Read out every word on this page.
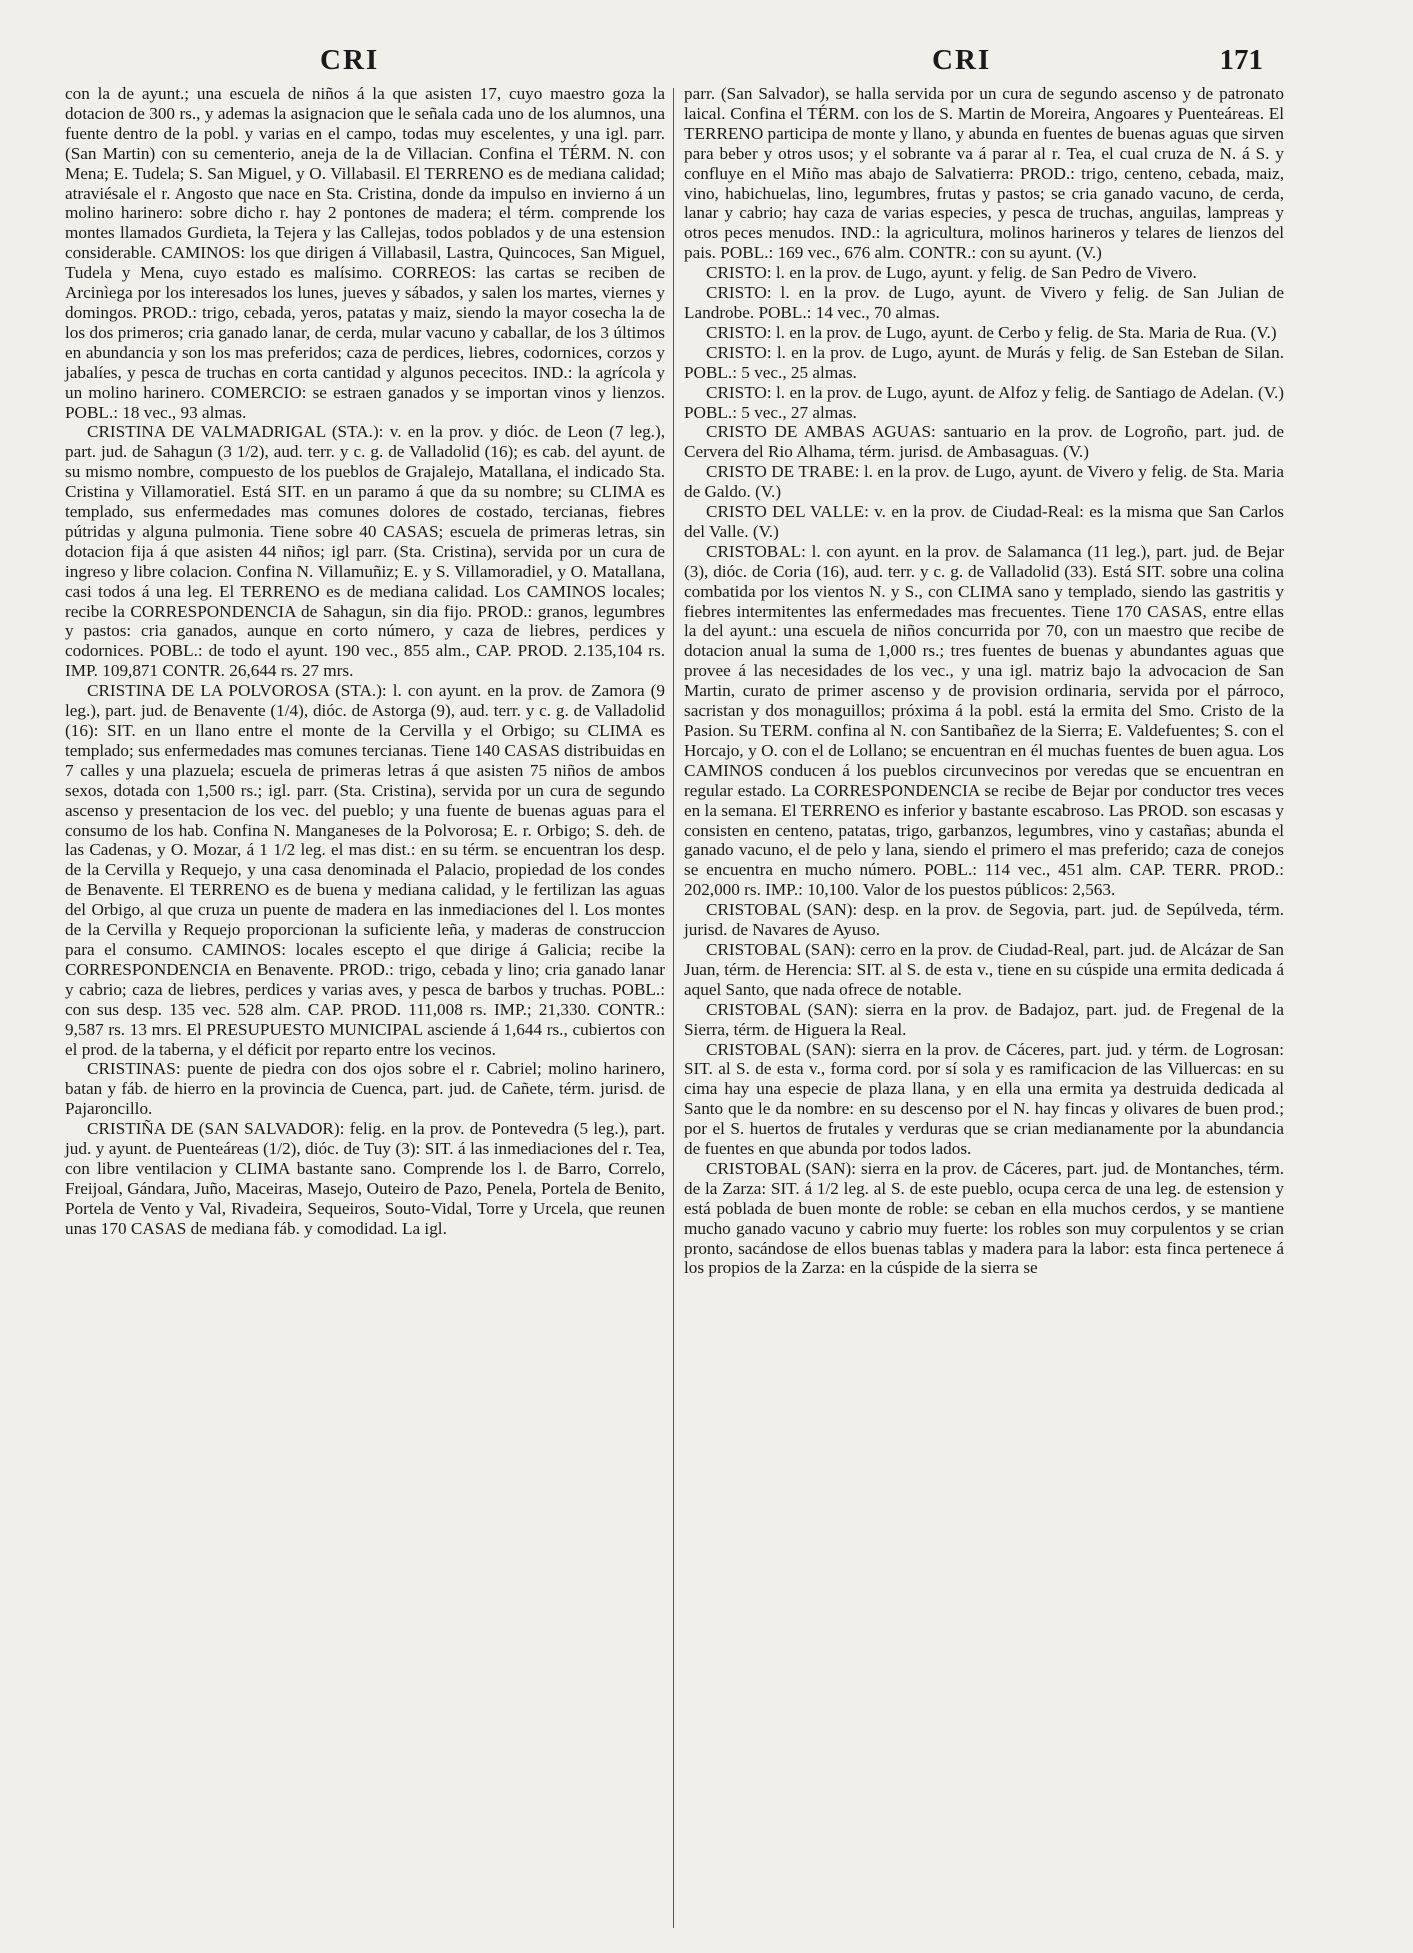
CRI	CRI	171

con la de ayunt.; una escuela de niños á la que asisten 17, cuyo maestro goza la dotacion de 300 rs., y ademas la asignacion que le señala cada uno de los alumnos, una fuente dentro de la pobl. y varias en el campo, todas muy escelentes, y una igl. parr. (San Martin) con su cementerio, aneja de la de Villacian. Confina el TÉRM. N. con Mena; E. Tudela; S. San Miguel, y O. Villabasil. El TERRENO es de mediana calidad; atraviésale el r. Angosto que nace en Sta. Cristina, donde da impulso en invierno á un molino harinero: sobre dicho r. hay 2 pontones de madera; el térm. comprende los montes llamados Gurdieta, la Tejera y las Callejas, todos poblados y de una estension considerable. CAMINOS: los que dirigen á Villabasil, Lastra, Quincoces, San Miguel, Tudela y Mena, cuyo estado es malísimo. CORREOS: las cartas se reciben de Arcinìega por los interesados los lunes, jueves y sábados, y salen los martes, viernes y domingos. PROD.: trigo, cebada, yeros, patatas y maiz, siendo la mayor cosecha la de los dos primeros; cria ganado lanar, de cerda, mular vacuno y caballar, de los 3 últimos en abundancia y son los mas preferidos; caza de perdices, liebres, codornices, corzos y jabalíes, y pesca de truchas en corta cantidad y algunos pececitos. IND.: la agrícola y un molino harinero. COMERCIO: se estraen ganados y se importan vinos y lienzos. POBL.: 18 vec., 93 almas.

CRISTINA DE VALMADRIGAL (STA.): v. en la prov. y dióc. de Leon (7 leg.), part. jud. de Sahagun (3 1/2), aud. terr. y c. g. de Valladolid (16); es cab. del ayunt. de su mismo nombre, compuesto de los pueblos de Grajalejo, Matallana, el indicado Sta. Cristina y Villamoratiel. Está SIT. en un paramo á que da su nombre; su CLIMA es templado, sus enfermedades mas comunes dolores de costado, tercianas, fiebres pútridas y alguna pulmonia. Tiene sobre 40 CASAS; escuela de primeras letras, sin dotacion fija á que asisten 44 niños; igl parr. (Sta. Cristina), servida por un cura de ingreso y libre colacion. Confina N. Villamuñiz; E. y S. Villamoradiel, y O. Matallana, casi todos á una leg. El TERRENO es de mediana calidad. Los CAMINOS locales; recibe la CORRESPONDENCIA de Sahagun, sin dia fijo. PROD.: granos, legumbres y pastos: cria ganados, aunque en corto número, y caza de liebres, perdices y codornices. POBL.: de todo el ayunt. 190 vec., 855 alm., CAP. PROD. 2.135,104 rs. IMP. 109,871 CONTR. 26,644 rs. 27 mrs.

CRISTINA DE LA POLVOROSA (STA.): l. con ayunt. en la prov. de Zamora (9 leg.), part. jud. de Benavente (1/4), dióc. de Astorga (9), aud. terr. y c. g. de Valladolid (16): SIT. en un llano entre el monte de la Cervilla y el Orbigo; su CLIMA es templado; sus enfermedades mas comunes tercianas. Tiene 140 CASAS distribuidas en 7 calles y una plazuela; escuela de primeras letras á que asisten 75 niños de ambos sexos, dotada con 1,500 rs.; igl. parr. (Sta. Cristina), servida por un cura de segundo ascenso y presentacion de los vec. del pueblo; y una fuente de buenas aguas para el consumo de los hab. Confina N. Manganeses de la Polvorosa; E. r. Orbigo; S. deh. de las Cadenas, y O. Mozar, á 1 1/2 leg. el mas dist.: en su térm. se encuentran los desp. de la Cervilla y Requejo, y una casa denominada el Palacio, propiedad de los condes de Benavente. El TERRENO es de buena y mediana calidad, y le fertilizan las aguas del Orbigo, al que cruza un puente de madera en las inmediaciones del l. Los montes de la Cervilla y Requejo proporcionan la suficiente leña, y maderas de construccion para el consumo. CAMINOS: locales escepto el que dirige á Galicia; recibe la CORRESPONDENCIA en Benavente. PROD.: trigo, cebada y lino; cria ganado lanar y cabrio; caza de liebres, perdices y varias aves, y pesca de barbos y truchas. POBL.: con sus desp. 135 vec. 528 alm. CAP. PROD. 111,008 rs. IMP.; 21,330. CONTR.: 9,587 rs. 13 mrs. El PRESUPUESTO MUNICIPAL asciende á 1,644 rs., cubiertos con el prod. de la taberna, y el déficit por reparto entre los vecinos.

CRISTINAS: puente de piedra con dos ojos sobre el r. Cabriel; molino harinero, batan y fáb. de hierro en la provincia de Cuenca, part. jud. de Cañete, térm. jurisd. de Pajaroncillo.

CRISTIÑA DE (SAN SALVADOR): felig. en la prov. de Pontevedra (5 leg.), part. jud. y ayunt. de Puenteáreas (1/2), dióc. de Tuy (3): SIT. á las inmediaciones del r. Tea, con libre ventilacion y CLIMA bastante sano. Comprende los l. de Barro, Correlo, Freijoal, Gándara, Juño, Maceiras, Masejo, Outeiro de Pazo, Penela, Portela de Benito, Portela de Vento y Val, Rivadeira, Sequeiros, Souto-Vidal, Torre y Urcela, que reunen unas 170 CASAS de mediana fáb. y comodidad. La igl.

parr. (San Salvador), se halla servida por un cura de segundo ascenso y de patronato laical. Confina el TÉRM. con los de S. Martin de Moreira, Angoares y Puenteáreas. El TERRENO participa de monte y llano, y abunda en fuentes de buenas aguas que sirven para beber y otros usos; y el sobrante va á parar al r. Tea, el cual cruza de N. á S. y confluye en el Miño mas abajo de Salvatierra: PROD.: trigo, centeno, cebada, maiz, vino, habichuelas, lino, legumbres, frutas y pastos; se cria ganado vacuno, de cerda, lanar y cabrio; hay caza de varias especies, y pesca de truchas, anguilas, lampreas y otros peces menudos. IND.: la agricultura, molinos harineros y telares de lienzos del pais. POBL.: 169 vec., 676 alm. CONTR.: con su ayunt. (V.)

CRISTO: l. en la prov. de Lugo, ayunt. y felig. de San Pedro de Vivero.

CRISTO: l. en la prov. de Lugo, ayunt. de Vivero y felig. de San Julian de Landrobe. POBL.: 14 vec., 70 almas.

CRISTO: l. en la prov. de Lugo, ayunt. de Cerbo y felig. de Sta. Maria de Rua. (V.)

CRISTO: l. en la prov. de Lugo, ayunt. de Murás y felig. de San Esteban de Silan. POBL.: 5 vec., 25 almas.

CRISTO: l. en la prov. de Lugo, ayunt. de Alfoz y felig. de Santiago de Adelan. (V.) POBL.: 5 vec., 27 almas.

CRISTO DE AMBAS AGUAS: santuario en la prov. de Logroño, part. jud. de Cervera del Rio Alhama, térm. jurisd. de Ambasaguas. (V.)

CRISTO DE TRABE: l. en la prov. de Lugo, ayunt. de Vivero y felig. de Sta. Maria de Galdo. (V.)

CRISTO DEL VALLE: v. en la prov. de Ciudad-Real: es la misma que San Carlos del Valle. (V.)

CRISTOBAL: l. con ayunt. en la prov. de Salamanca (11 leg.), part. jud. de Bejar (3), dióc. de Coria (16), aud. terr. y c. g. de Valladolid (33). Está SIT. sobre una colina combatida por los vientos N. y S., con CLIMA sano y templado, siendo las gastritis y fiebres intermitentes las enfermedades mas frecuentes. Tiene 170 CASAS, entre ellas la del ayunt.: una escuela de niños concurrida por 70, con un maestro que recibe de dotacion anual la suma de 1,000 rs.; tres fuentes de buenas y abundantes aguas que provee á las necesidades de los vec., y una igl. matriz bajo la advocacion de San Martin, curato de primer ascenso y de provision ordinaria, servida por el párroco, sacristan y dos monaguillos; próxima á la pobl. está la ermita del Smo. Cristo de la Pasion. Su TERM. confina al N. con Santibañez de la Sierra; E. Valdefuentes; S. con el Horcajo, y O. con el de Lollano; se encuentran en él muchas fuentes de buen agua. Los CAMINOS conducen á los pueblos circunvecinos por veredas que se encuentran en regular estado. La CORRESPONDENCIA se recibe de Bejar por conductor tres veces en la semana. El TERRENO es inferior y bastante escabroso. Las PROD. son escasas y consisten en centeno, patatas, trigo, garbanzos, legumbres, vino y castañas; abunda el ganado vacuno, el de pelo y lana, siendo el primero el mas preferido; caza de conejos se encuentra en mucho número. POBL.: 114 vec., 451 alm. CAP. TERR. PROD.: 202,000 rs. IMP.: 10,100. Valor de los puestos públicos: 2,563.

CRISTOBAL (SAN): desp. en la prov. de Segovia, part. jud. de Sepúlveda, térm. jurisd. de Navares de Ayuso.

CRISTOBAL (SAN): cerro en la prov. de Ciudad-Real, part. jud. de Alcázar de San Juan, térm. de Herencia: SIT. al S. de esta v., tiene en su cúspide una ermita dedicada á aquel Santo, que nada ofrece de notable.

CRISTOBAL (SAN): sierra en la prov. de Badajoz, part. jud. de Fregenal de la Sierra, térm. de Higuera la Real.

CRISTOBAL (SAN): sierra en la prov. de Cáceres, part. jud. y térm. de Logrosan: SIT. al S. de esta v., forma cord. por sí sola y es ramificacion de las Villuercas: en su cima hay una especie de plaza llana, y en ella una ermita ya destruida dedicada al Santo que le da nombre: en su descenso por el N. hay fincas y olivares de buen prod.; por el S. huertos de frutales y verduras que se crian medianamente por la abundancia de fuentes en que abunda por todos lados.

CRISTOBAL (SAN): sierra en la prov. de Cáceres, part. jud. de Montanches, térm. de la Zarza: SIT. á 1/2 leg. al S. de este pueblo, ocupa cerca de una leg. de estension y está poblada de buen monte de roble: se ceban en ella muchos cerdos, y se mantiene mucho ganado vacuno y cabrio muy fuerte: los robles son muy corpulentos y se crian pronto, sacándose de ellos buenas tablas y madera para la labor: esta finca pertenece á los propios de la Zarza: en la cúspide de la sierra se
